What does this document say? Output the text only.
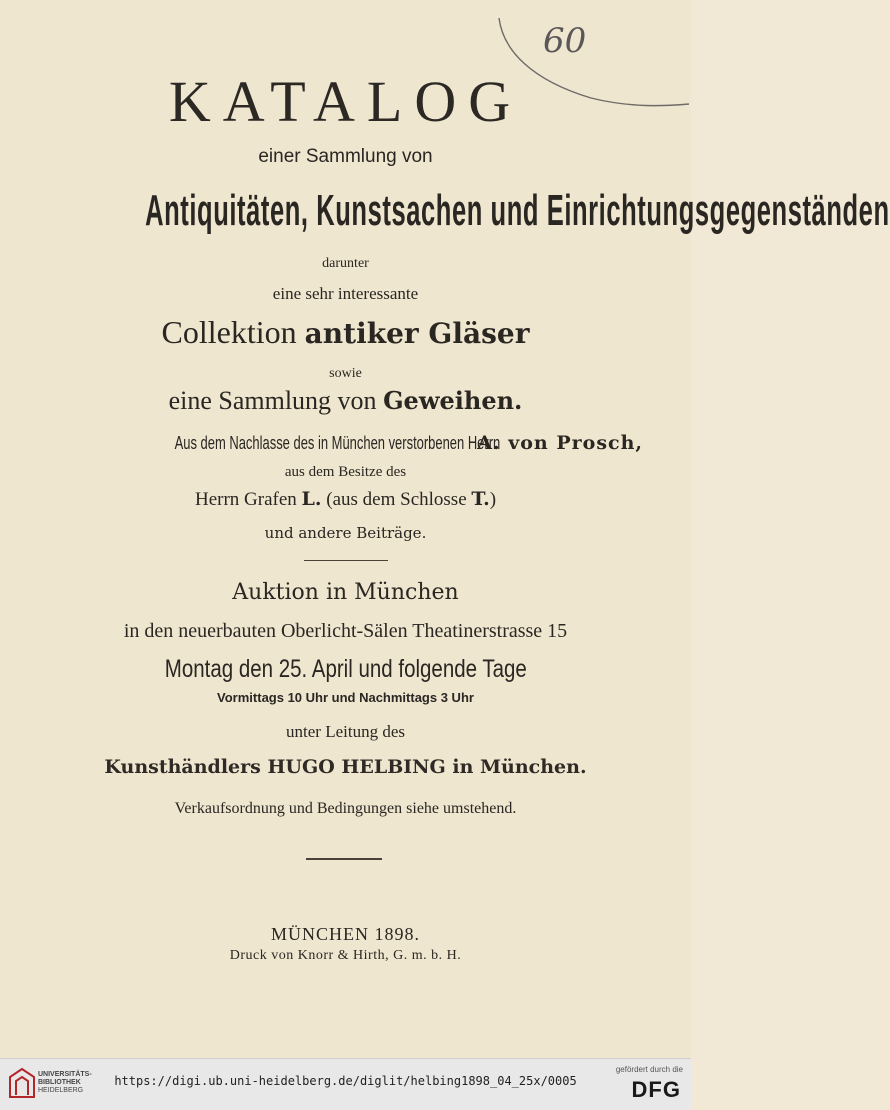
60
KATALOG
einer Sammlung von
Antiquitäten, Kunstsachen und Einrichtungsgegenständen
darunter
eine sehr interessante
Collektion antiker Gläser
sowie
eine Sammlung von Geweihen.
Aus dem Nachlasse des in München verstorbenen Herrn A. von Prosch,
aus dem Besitze des
Herrn Grafen L. (aus dem Schlosse T.)
und andere Beiträge.
Auktion in München
in den neuerbauten Oberlicht-Sälen Theatinerstrasse 15
Montag den 25. April und folgende Tage
Vormittags 10 Uhr und Nachmittags 3 Uhr
unter Leitung des
Kunsthändlers HUGO HELBING in München.
Verkaufsordnung und Bedingungen siehe umstehend.
MÜNCHEN 1898.
Druck von Knorr & Hirth, G. m. b. H.
UNIVERSITÄTS-
BIBLIOTHEK
HEIDELBERG
https://digi.ub.uni-heidelberg.de/diglit/helbing1898_04_25x/0005
gefördert durch die
DFG
